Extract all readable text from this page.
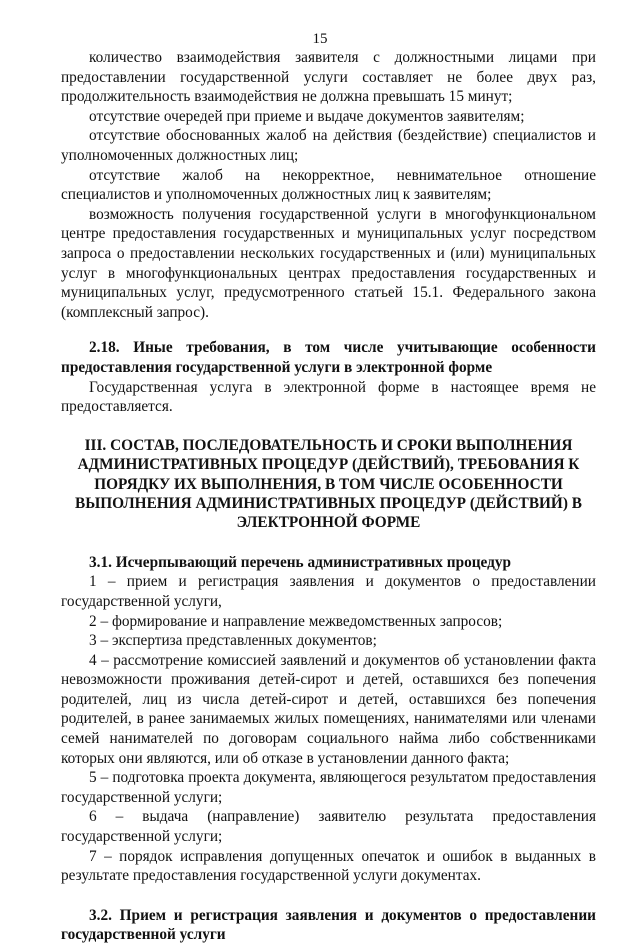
15

количество взаимодействия заявителя с должностными лицами при предоставлении государственной услуги составляет не более двух раз, продолжительность взаимодействия не должна превышать 15 минут;

отсутствие очередей при приеме и выдаче документов заявителям;

отсутствие обоснованных жалоб на действия (бездействие) специалистов и уполномоченных должностных лиц;

отсутствие жалоб на некорректное, невнимательное отношение специалистов и уполномоченных должностных лиц к заявителям;

возможность получения государственной услуги в многофункциональном центре предоставления государственных и муниципальных услуг посредством запроса о предоставлении нескольких государственных и (или) муниципальных услуг в многофункциональных центрах предоставления государственных и муниципальных услуг, предусмотренного статьей 15.1. Федерального закона (комплексный запрос).

2.18. Иные требования, в том числе учитывающие особенности предоставления государственной услуги в электронной форме

Государственная услуга в электронной форме в настоящее время не предоставляется.

III. СОСТАВ, ПОСЛЕДОВАТЕЛЬНОСТЬ И СРОКИ ВЫПОЛНЕНИЯ
АДМИНИСТРАТИВНЫХ ПРОЦЕДУР (ДЕЙСТВИЙ), ТРЕБОВАНИЯ К
ПОРЯДКУ ИХ ВЫПОЛНЕНИЯ, В ТОМ ЧИСЛЕ ОСОБЕННОСТИ
ВЫПОЛНЕНИЯ АДМИНИСТРАТИВНЫХ ПРОЦЕДУР (ДЕЙСТВИЙ) В
ЭЛЕКТРОННОЙ ФОРМЕ

3.1. Исчерпывающий перечень административных процедур

1 – прием и регистрация заявления и документов о предоставлении государственной услуги,

2 – формирование и направление межведомственных запросов;

3 – экспертиза представленных документов;

4 – рассмотрение комиссией заявлений и документов об установлении факта невозможности проживания детей-сирот и детей, оставшихся без попечения родителей, лиц из числа детей-сирот и детей, оставшихся без попечения родителей, в ранее занимаемых жилых помещениях, нанимателями или членами семей нанимателей по договорам социального найма либо собственниками которых они являются, или об отказе в установлении данного факта;

5 – подготовка проекта документа, являющегося результатом предоставления государственной услуги;

6 – выдача (направление) заявителю результата предоставления государственной услуги;

7 – порядок исправления допущенных опечаток и ошибок в выданных в результате предоставления государственной услуги документах.

3.2. Прием и регистрация заявления и документов о предоставлении государственной услуги
